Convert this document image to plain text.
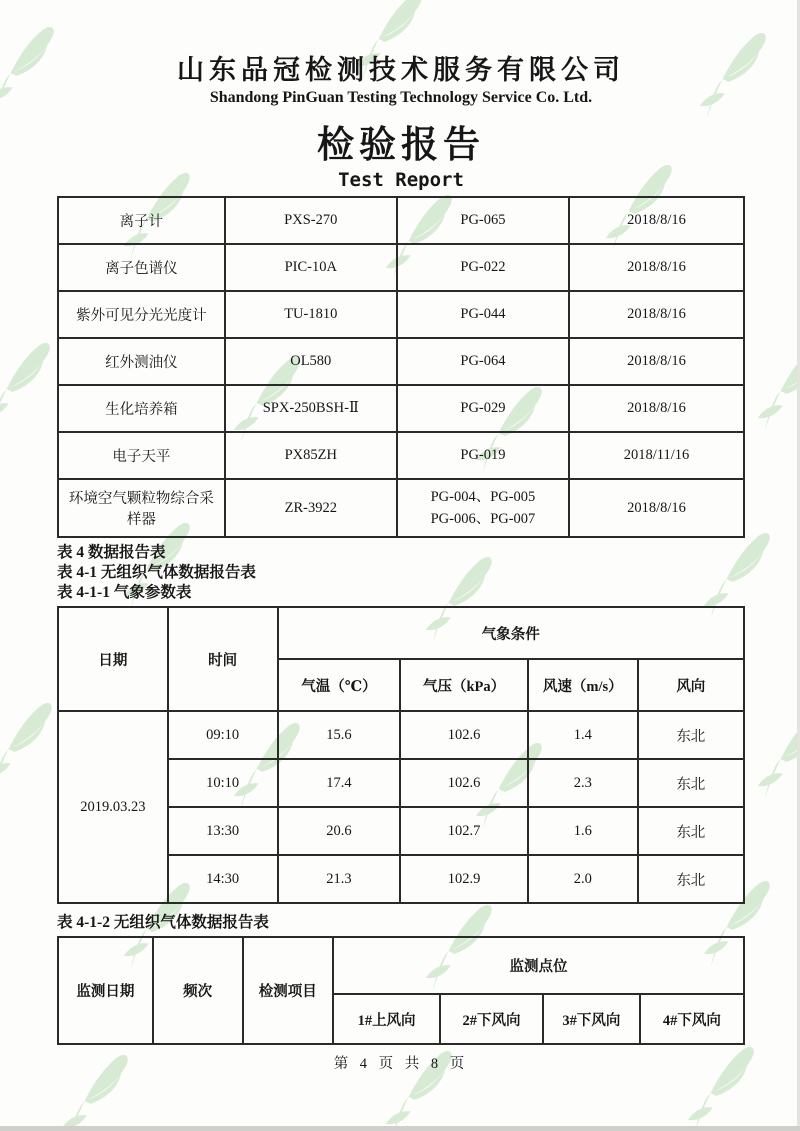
山东品冠检测技术服务有限公司
Shandong PinGuan Testing Technology Service Co. Ltd.
检验报告
Test Report
离子计	PXS-270	PG-065	2018/8/16
离子色谱仪	PIC-10A	PG-022	2018/8/16
紫外可见分光光度计	TU-1810	PG-044	2018/8/16
红外测油仪	OL580	PG-064	2018/8/16
生化培养箱	SPX-250BSH-Ⅱ	PG-029	2018/8/16
电子天平	PX85ZH	PG-019	2018/11/16
环境空气颗粒物综合采样器	ZR-3922	PG-004、PG-005
PG-006、PG-007	2018/8/16
表 4 数据报告表
表 4-1 无组织气体数据报告表
表 4-1-1 气象参数表
日期	时间	气象条件			
		气温（℃）	气压（kPa）	风速（m/s）	风向
2019.03.23	09:10	15.6	102.6	1.4	东北
	10:10	17.4	102.6	2.3	东北
	13:30	20.6	102.7	1.6	东北
	14:30	21.3	102.9	2.0	东北
表 4-1-2 无组织气体数据报告表
监测日期	频次	检测项目	监测点位			
			1#上风向	2#下风向	3#下风向	4#下风向
第 4 页 共 8 页
